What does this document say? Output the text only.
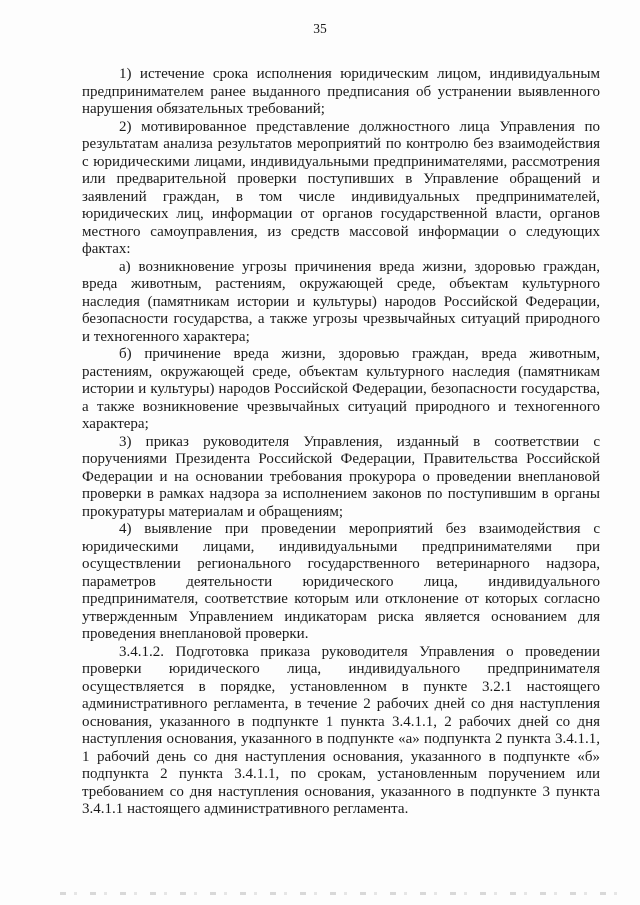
35

1) истечение срока исполнения юридическим лицом, индивидуальным предпринимателем ранее выданного предписания об устранении выявленного нарушения обязательных требований;

2) мотивированное представление должностного лица Управления по результатам анализа результатов мероприятий по контролю без взаимодействия с юридическими лицами, индивидуальными предпринимателями, рассмотрения или предварительной проверки поступивших в Управление обращений и заявлений граждан, в том числе индивидуальных предпринимателей, юридических лиц, информации от органов государственной власти, органов местного самоуправления, из средств массовой информации о следующих фактах:

а) возникновение угрозы причинения вреда жизни, здоровью граждан, вреда животным, растениям, окружающей среде, объектам культурного наследия (памятникам истории и культуры) народов Российской Федерации, безопасности государства, а также угрозы чрезвычайных ситуаций природного и техногенного характера;

б) причинение вреда жизни, здоровью граждан, вреда животным, растениям, окружающей среде, объектам культурного наследия (памятникам истории и культуры) народов Российской Федерации, безопасности государства, а также возникновение чрезвычайных ситуаций природного и техногенного характера;

3) приказ руководителя Управления, изданный в соответствии с поручениями Президента Российской Федерации, Правительства Российской Федерации и на основании требования прокурора о проведении внеплановой проверки в рамках надзора за исполнением законов по поступившим в органы прокуратуры материалам и обращениям;

4) выявление при проведении мероприятий без взаимодействия с юридическими лицами, индивидуальными предпринимателями при осуществлении регионального государственного ветеринарного надзора, параметров деятельности юридического лица, индивидуального предпринимателя, соответствие которым или отклонение от которых согласно утвержденным Управлением индикаторам риска является основанием для проведения внеплановой проверки.

3.4.1.2. Подготовка приказа руководителя Управления о проведении проверки юридического лица, индивидуального предпринимателя осуществляется в порядке, установленном в пункте 3.2.1 настоящего административного регламента, в течение 2 рабочих дней со дня наступления основания, указанного в подпункте 1 пункта 3.4.1.1, 2 рабочих дней со дня наступления основания, указанного в подпункте «а» подпункта 2 пункта 3.4.1.1, 1 рабочий день со дня наступления основания, указанного в подпункте «б» подпункта 2 пункта 3.4.1.1, по срокам, установленным поручением или требованием со дня наступления основания, указанного в подпункте 3 пункта 3.4.1.1 настоящего административного регламента.
